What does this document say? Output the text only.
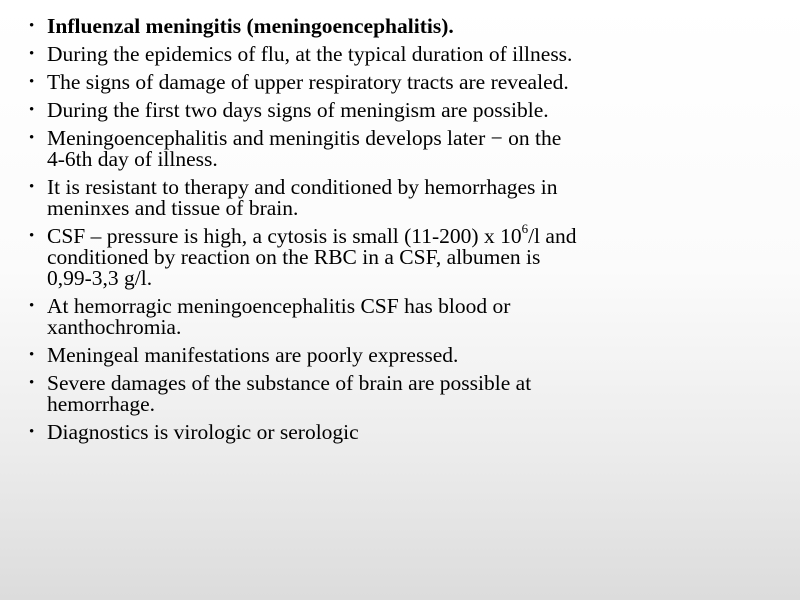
• Influenzal meningitis (meningoencephalitis).
• During the epidemics of flu, at the typical duration of illness.
• The signs of damage of upper respiratory tracts are revealed.
• During the first two days signs of meningism are possible.
• Meningoencephalitis and meningitis develops later − on the
4-6th day of illness.
• It is resistant to therapy and conditioned by hemorrhages in
meninxes and tissue of brain.
• CSF – pressure is high, a cytosis is small (11-200) x $10^6/l$ and
conditioned by reaction on the RBC in a CSF, albumen is
0,99-3,3 g/l.
• At hemorragic meningoencephalitis CSF has blood or
xanthochromia.
• Meningeal manifestations are poorly expressed.
• Severe damages of the substance of brain are possible at
hemorrhage.
• Diagnostics is virologic or serologic
